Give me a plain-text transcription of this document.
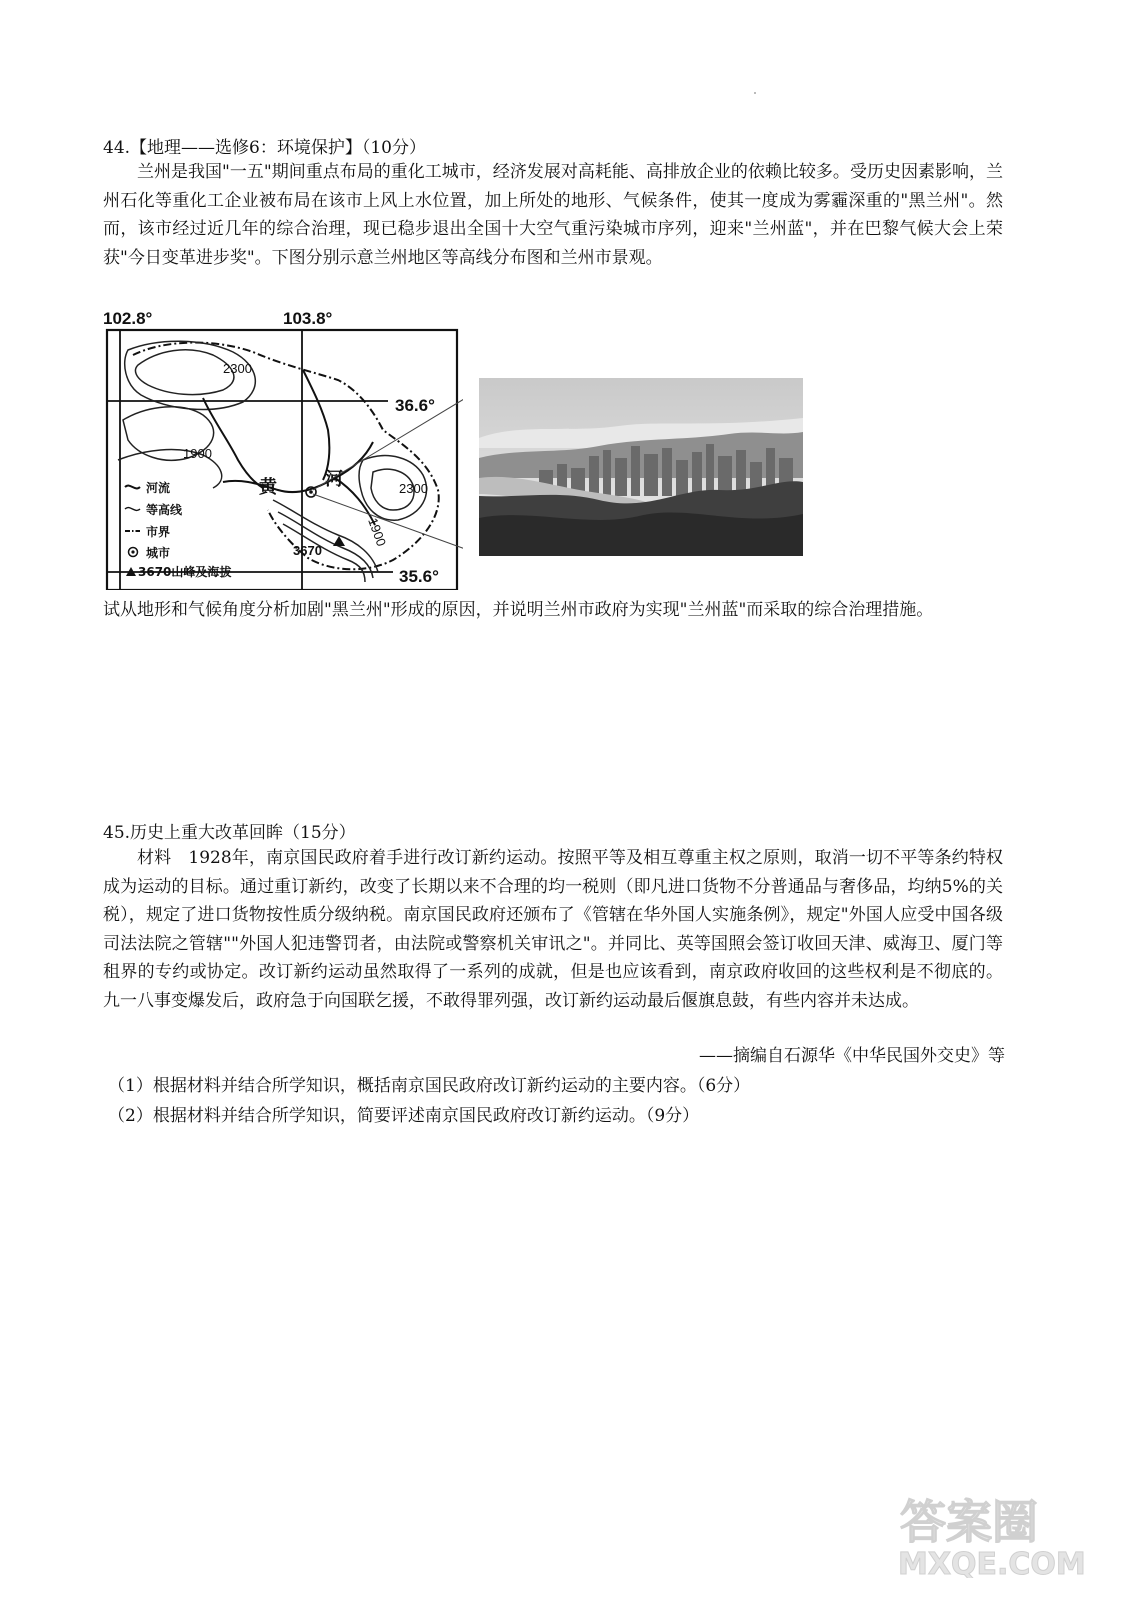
44.【地理——选修6：环境保护】（10分）

兰州是我国"一五"期间重点布局的重化工城市，经济发展对高耗能、高排放企业的依赖比较多。受历史因素影响，兰州石化等重化工企业被布局在该市上风上水位置，加上所处的地形、气候条件，使其一度成为雾霾深重的"黑兰州"。然而，该市经过近几年的综合治理，现已稳步退出全国十大空气重污染城市序列，迎来"兰州蓝"，并在巴黎气候大会上荣获"今日变革进步奖"。下图分别示意兰州地区等高线分布图和兰州市景观。

102.8°	103.8°
36.6°
35.6°
2300
1900
2300
1900
3670
黄	河
河流
等高线
市界
城市
3670山峰及海拔

试从地形和气候角度分析加剧"黑兰州"形成的原因，并说明兰州市政府为实现"兰州蓝"而采取的综合治理措施。

45.历史上重大改革回眸（15分）

材料　1928年，南京国民政府着手进行改订新约运动。按照平等及相互尊重主权之原则，取消一切不平等条约特权成为运动的目标。通过重订新约，改变了长期以来不合理的均一税则（即凡进口货物不分普通品与奢侈品，均纳5%的关税），规定了进口货物按性质分级纳税。南京国民政府还颁布了《管辖在华外国人实施条例》，规定"外国人应受中国各级司法法院之管辖""外国人犯违警罚者，由法院或警察机关审讯之"。并同比、英等国照会签订收回天津、威海卫、厦门等租界的专约或协定。改订新约运动虽然取得了一系列的成就，但是也应该看到，南京政府收回的这些权利是不彻底的。九一八事变爆发后，政府急于向国联乞援，不敢得罪列强，改订新约运动最后偃旗息鼓，有些内容并未达成。

——摘编自石源华《中华民国外交史》等
（1）根据材料并结合所学知识，概括南京国民政府改订新约运动的主要内容。（6分）
（2）根据材料并结合所学知识，简要评述南京国民政府改订新约运动。（9分）
答案圈
MXQE.COM
